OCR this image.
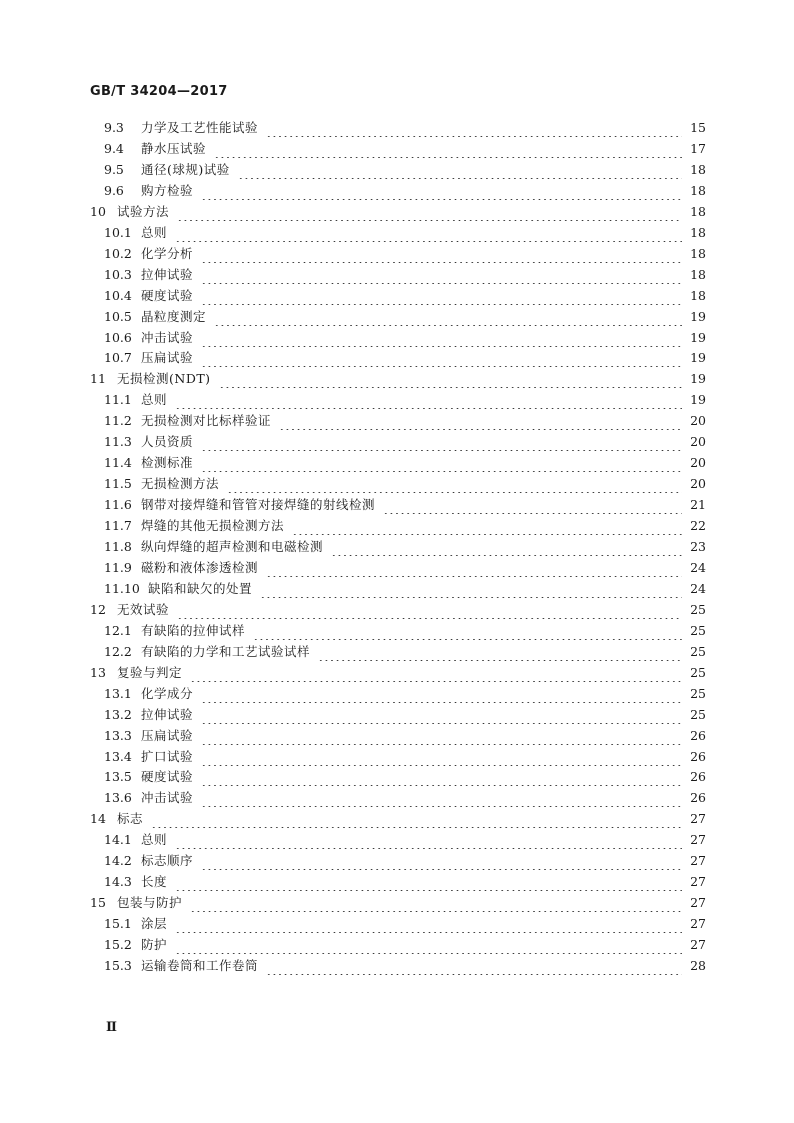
GB/T 34204—2017
9.3 力学及工艺性能试验	15
9.4 静水压试验	17
9.5 通径(球规)试验	18
9.6 购方检验	18
10 试验方法	18
10.1 总则	18
10.2 化学分析	18
10.3 拉伸试验	18
10.4 硬度试验	18
10.5 晶粒度测定	19
10.6 冲击试验	19
10.7 压扁试验	19
11 无损检测(NDT)	19
11.1 总则	19
11.2 无损检测对比标样验证	20
11.3 人员资质	20
11.4 检测标准	20
11.5 无损检测方法	20
11.6 钢带对接焊缝和管管对接焊缝的射线检测	21
11.7 焊缝的其他无损检测方法	22
11.8 纵向焊缝的超声检测和电磁检测	23
11.9 磁粉和液体渗透检测	24
11.10 缺陷和缺欠的处置	24
12 无效试验	25
12.1 有缺陷的拉伸试样	25
12.2 有缺陷的力学和工艺试验试样	25
13 复验与判定	25
13.1 化学成分	25
13.2 拉伸试验	25
13.3 压扁试验	26
13.4 扩口试验	26
13.5 硬度试验	26
13.6 冲击试验	26
14 标志	27
14.1 总则	27
14.2 标志顺序	27
14.3 长度	27
15 包装与防护	27
15.1 涂层	27
15.2 防护	27
15.3 运输卷筒和工作卷筒	28
Ⅱ
